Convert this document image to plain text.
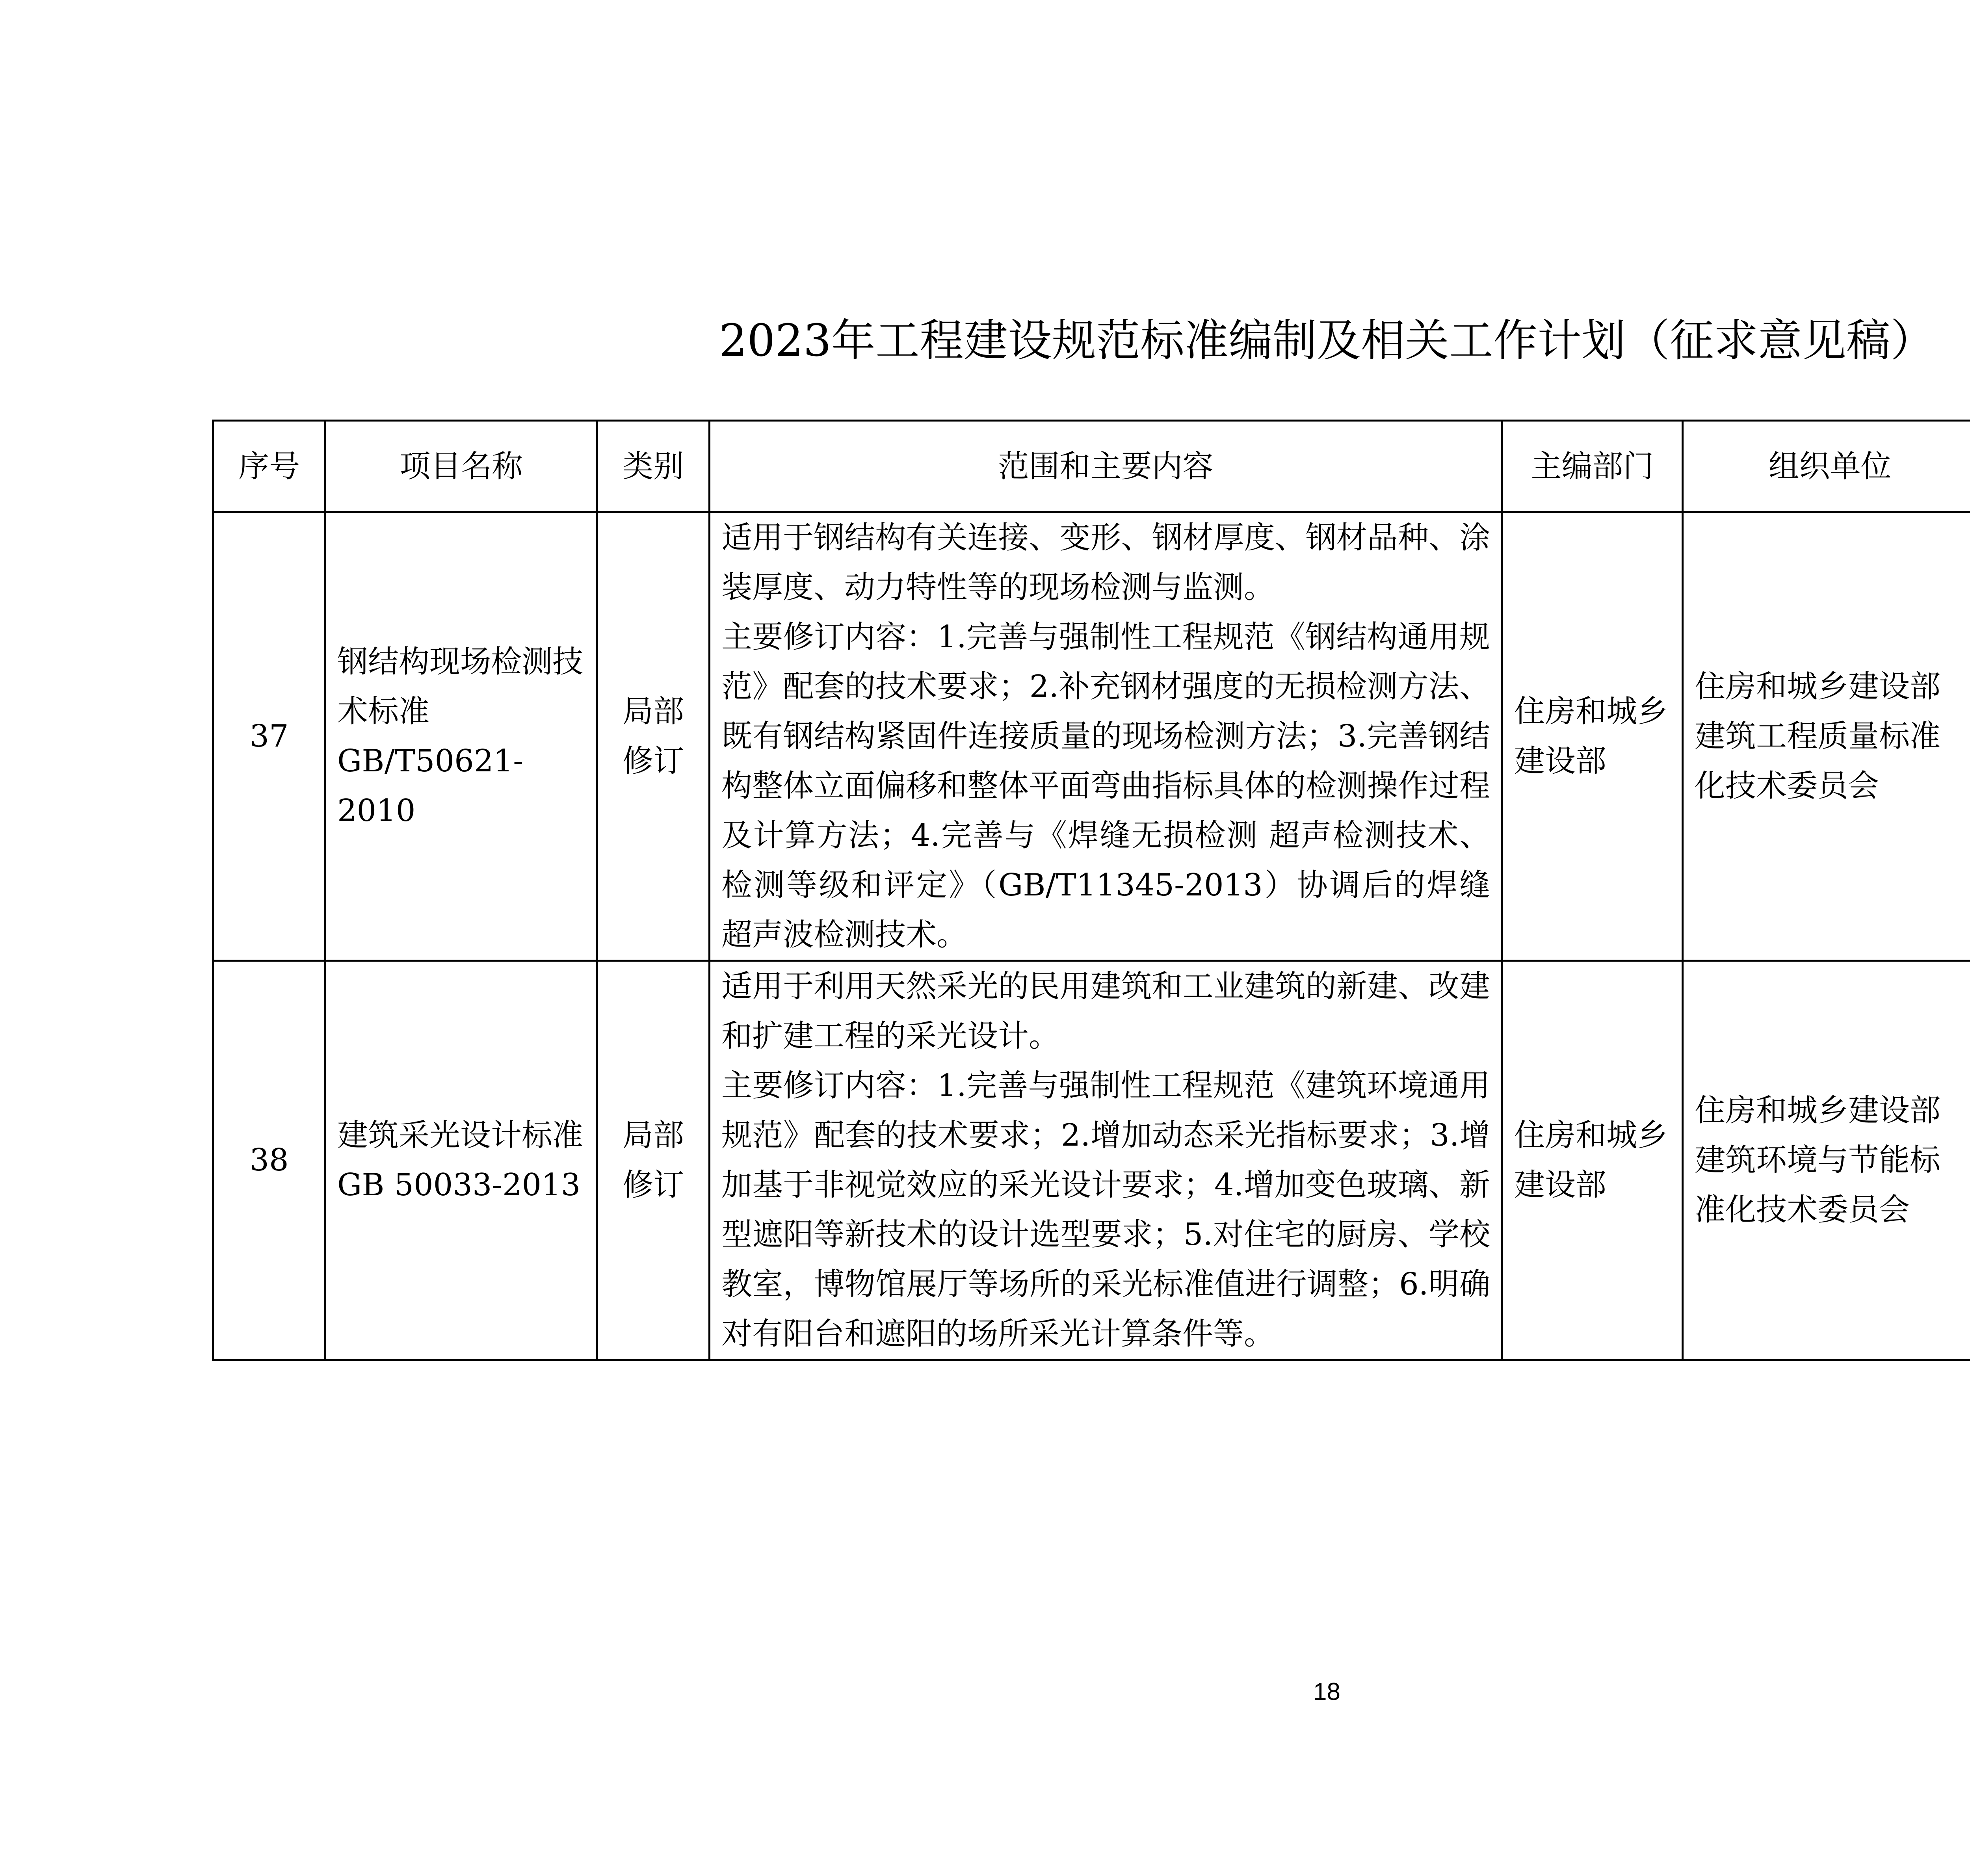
2023年工程建设规范标准编制及相关工作计划（征求意见稿）
序号	项目名称	类别	范围和主要内容	主编部门	组织单位		
37	钢结构现场检测技术标准GB/T50621-2010	局部修订	适用于钢结构有关连接、变形、钢材厚度、钢材品种、涂装厚度、动力特性等的现场检测与监测。
主要修订内容：1.完善与强制性工程规范《钢结构通用规范》配套的技术要求；2.补充钢材强度的无损检测方法、既有钢结构紧固件连接质量的现场检测方法；3.完善钢结构整体立面偏移和整体平面弯曲指标具体的检测操作过程及计算方法；4.完善与《焊缝无损检测 超声检测技术、检测等级和评定》（GB/T11345-2013）协调后的焊缝超声波检测技术。	住房和城乡建设部	住房和城乡建设部建筑工程质量标准化技术委员会		
38	建筑采光设计标准GB 50033-2013	局部修订	适用于利用天然采光的民用建筑和工业建筑的新建、改建和扩建工程的采光设计。
主要修订内容：1.完善与强制性工程规范《建筑环境通用规范》配套的技术要求；2.增加动态采光指标要求；3.增加基于非视觉效应的采光设计要求；4.增加变色玻璃、新型遮阳等新技术的设计选型要求；5.对住宅的厨房、学校教室，博物馆展厅等场所的采光标准值进行调整；6.明确对有阳台和遮阳的场所采光计算条件等。	住房和城乡建设部	住房和城乡建设部建筑环境与节能标准化技术委员会		
18
